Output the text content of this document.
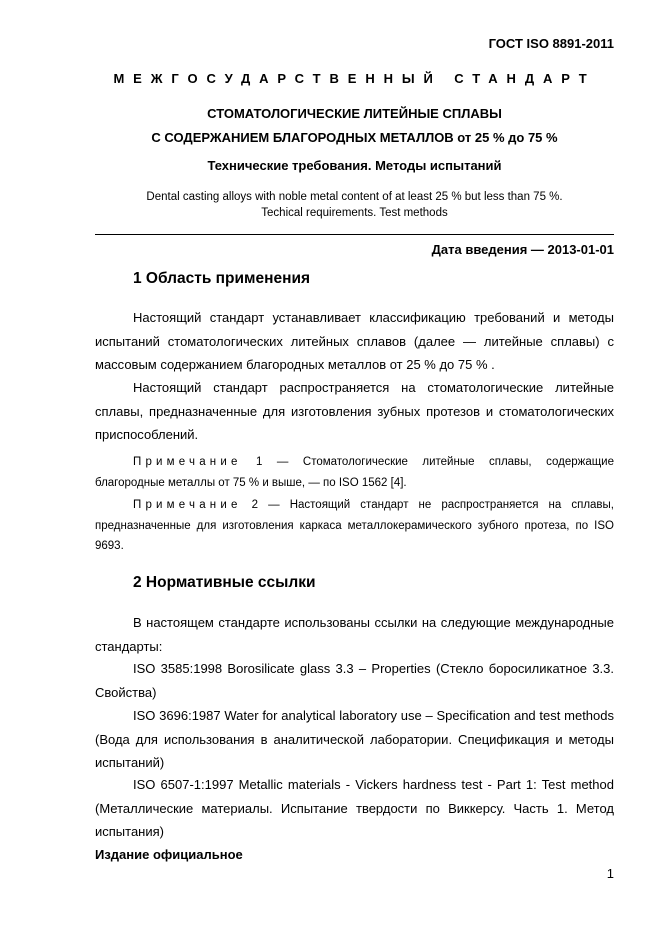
ГОСТ ISO 8891-2011
МЕЖГОСУДАРСТВЕННЫЙ СТАНДАРТ
СТОМАТОЛОГИЧЕСКИЕ ЛИТЕЙНЫЕ СПЛАВЫ
С СОДЕРЖАНИЕМ БЛАГОРОДНЫХ МЕТАЛЛОВ от 25 % до 75 %
Технические требования. Методы испытаний
Dental casting alloys with noble metal content of at least 25 % but less than 75 %.
Techical requirements. Test methods
Дата введения — 2013-01-01
1 Область применения

Настоящий стандарт устанавливает классификацию требований и методы испытаний стоматологических литейных сплавов (далее — литейные сплавы) с массовым содержанием благородных металлов от 25 % до 75 % .

Настоящий стандарт распространяется на стоматологические литейные сплавы, предназначенные для изготовления зубных протезов и стоматологических приспособлений.

Примечание 1 — Стоматологические литейные сплавы, содержащие благородные металлы от 75 % и выше, — по ISO 1562 [4].

Примечание 2 — Настоящий стандарт не распространяется на сплавы, предназначенные для изготовления каркаса металлокерамического зубного протеза, по ISO 9693.

2 Нормативные ссылки

В настоящем стандарте использованы ссылки на следующие международные стандарты:

ISO 3585:1998 Borosilicate glass 3.3 – Properties (Стекло боросиликатное 3.3. Свойства)

ISO 3696:1987 Water for analytical laboratory use – Specification and test methods (Вода для использования в аналитической лаборатории. Спецификация и методы испытаний)

ISO 6507-1:1997 Metallic materials - Vickers hardness test - Part 1: Test method (Металлические материалы. Испытание твердости по Виккерсу. Часть 1. Метод испытания)

Издание официальное
1
